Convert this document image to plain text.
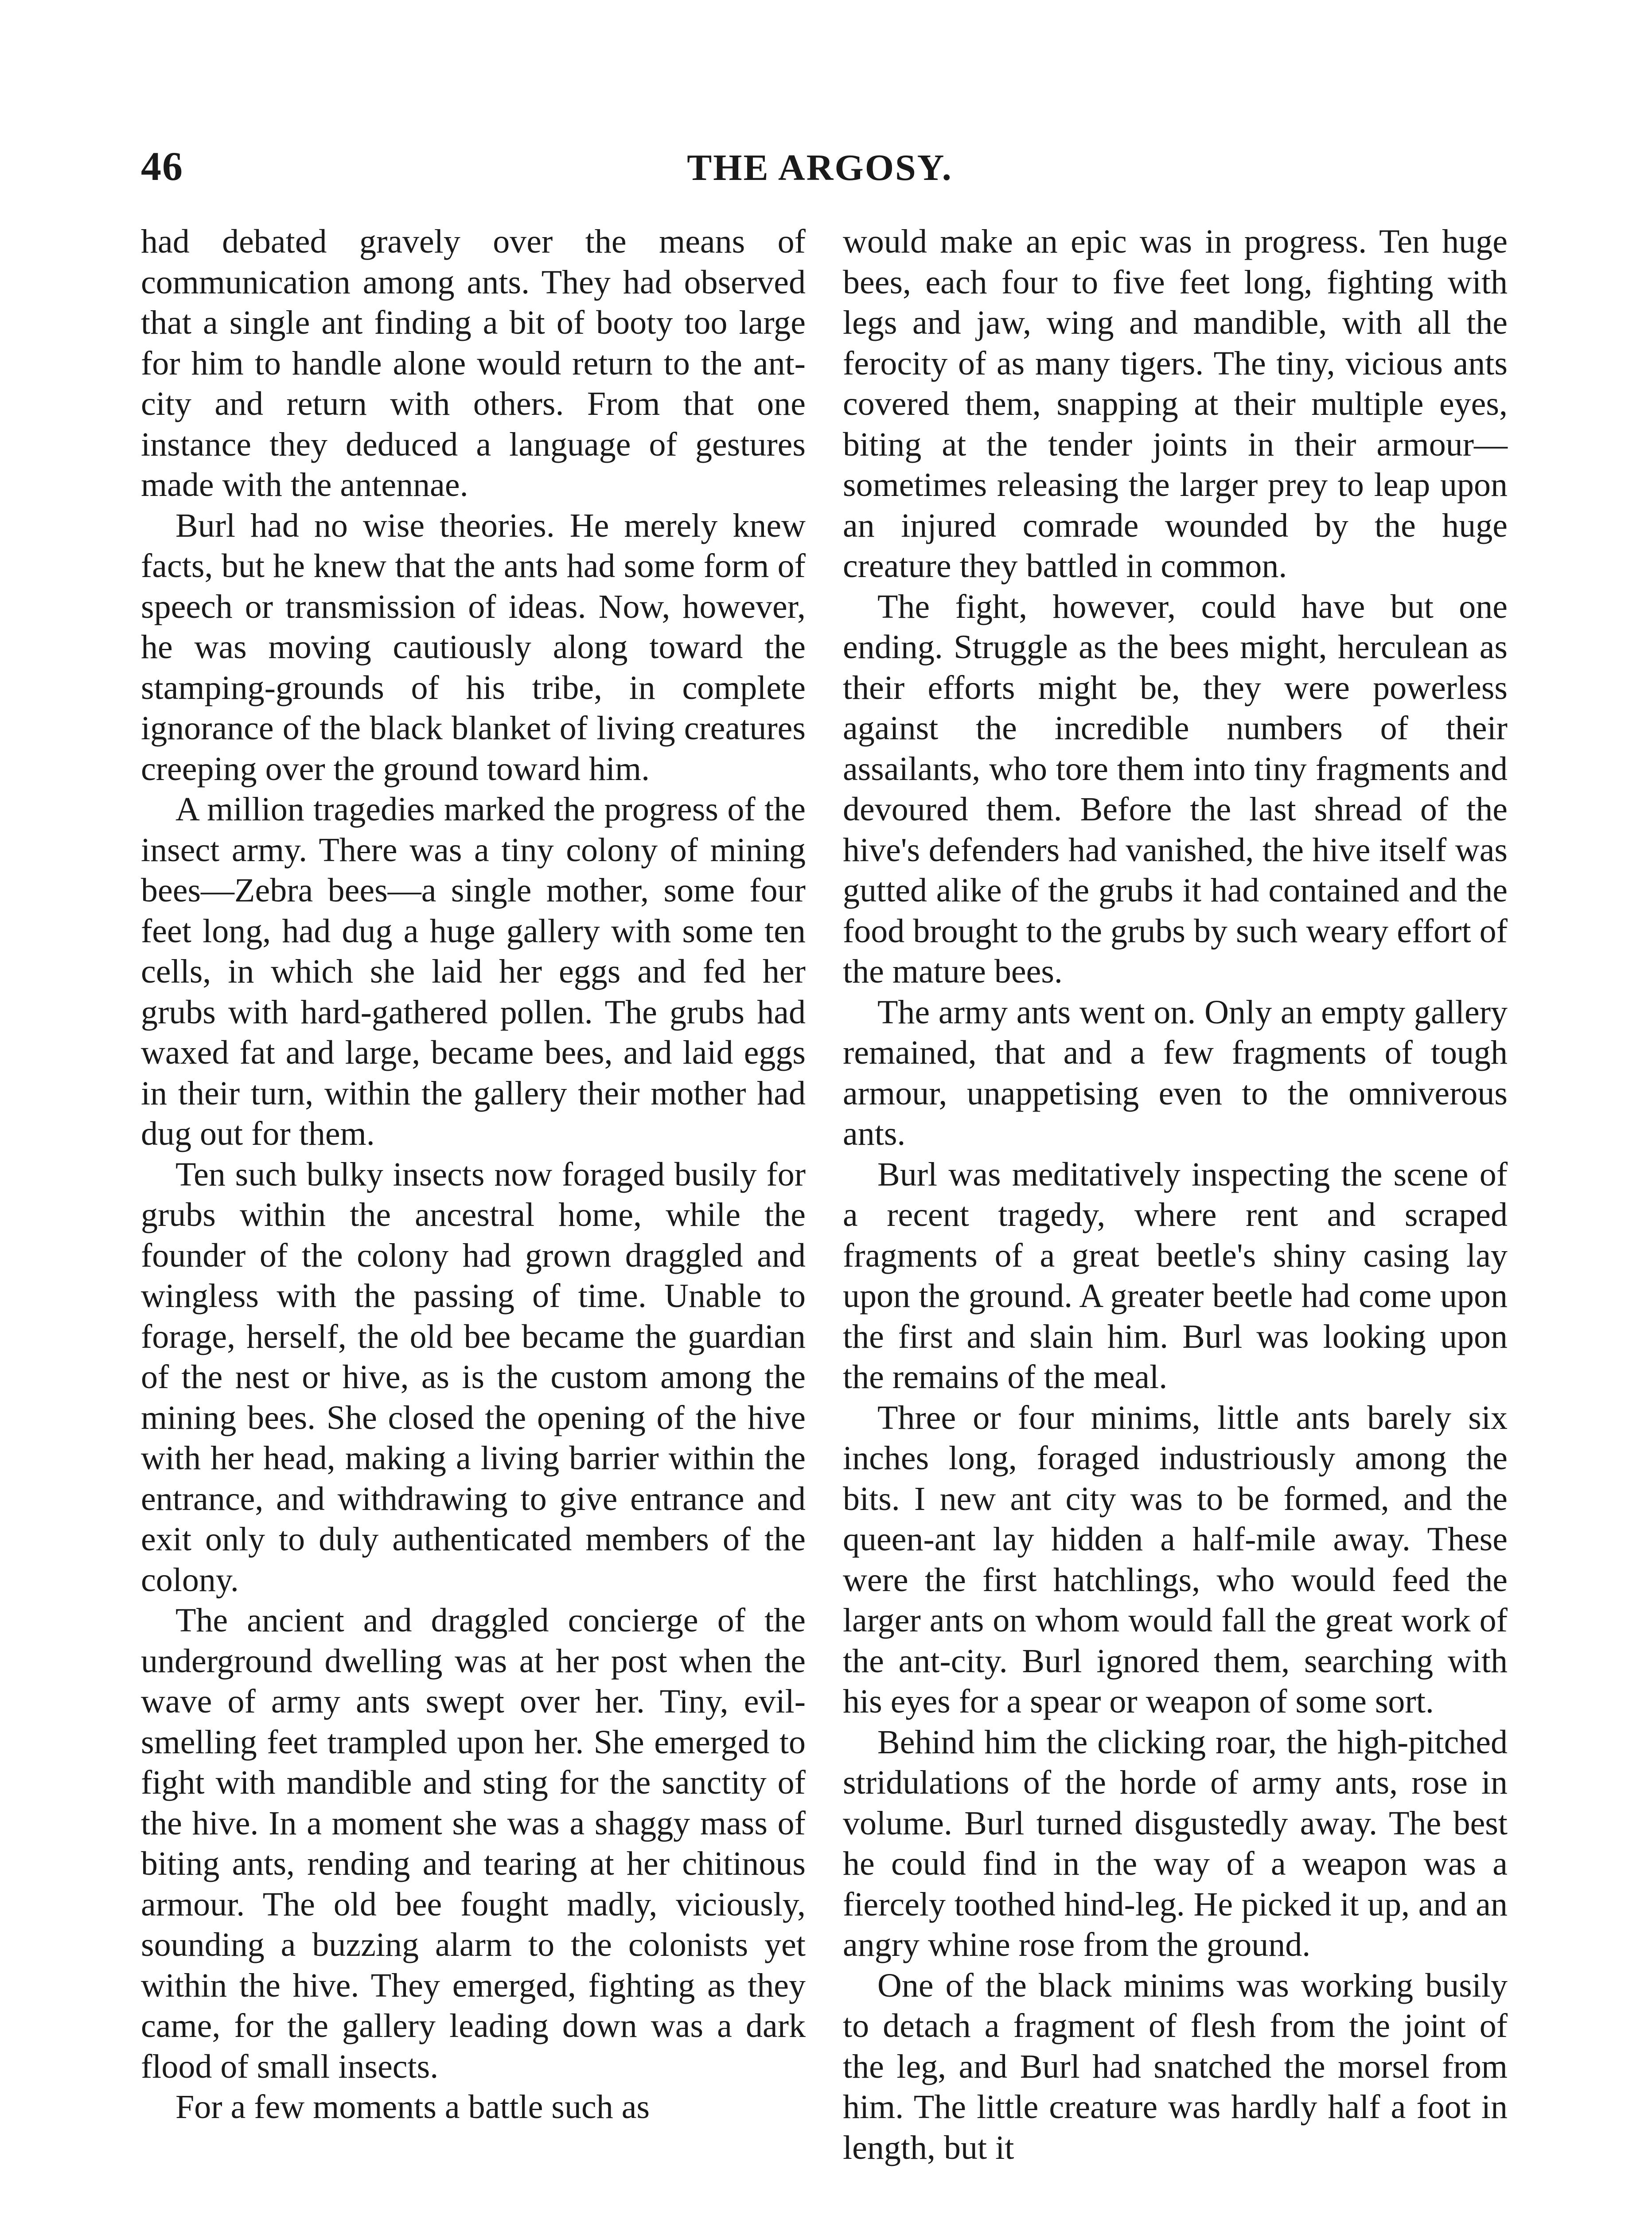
46	THE ARGOSY.

had debated gravely over the means of communication among ants. They had observed that a single ant finding a bit of booty too large for him to handle alone would return to the ant-city and return with others. From that one instance they deduced a language of gestures made with the antennae.

Burl had no wise theories. He merely knew facts, but he knew that the ants had some form of speech or transmission of ideas. Now, however, he was moving cautiously along toward the stamping-grounds of his tribe, in complete ignorance of the black blanket of living creatures creeping over the ground toward him.

A million tragedies marked the progress of the insect army. There was a tiny colony of mining bees—Zebra bees—a single mother, some four feet long, had dug a huge gallery with some ten cells, in which she laid her eggs and fed her grubs with hard-gathered pollen. The grubs had waxed fat and large, became bees, and laid eggs in their turn, within the gallery their mother had dug out for them.

Ten such bulky insects now foraged busily for grubs within the ancestral home, while the founder of the colony had grown draggled and wingless with the passing of time. Unable to forage, herself, the old bee became the guardian of the nest or hive, as is the custom among the mining bees. She closed the opening of the hive with her head, making a living barrier within the entrance, and withdrawing to give entrance and exit only to duly authenticated members of the colony.

The ancient and draggled concierge of the underground dwelling was at her post when the wave of army ants swept over her. Tiny, evil-smelling feet trampled upon her. She emerged to fight with mandible and sting for the sanctity of the hive. In a moment she was a shaggy mass of biting ants, rending and tearing at her chitinous armour. The old bee fought madly, viciously, sounding a buzzing alarm to the colonists yet within the hive. They emerged, fighting as they came, for the gallery leading down was a dark flood of small insects.

For a few moments a battle such as

would make an epic was in progress. Ten huge bees, each four to five feet long, fighting with legs and jaw, wing and mandible, with all the ferocity of as many tigers. The tiny, vicious ants covered them, snapping at their multiple eyes, biting at the tender joints in their armour—sometimes releasing the larger prey to leap upon an injured comrade wounded by the huge creature they battled in common.

The fight, however, could have but one ending. Struggle as the bees might, herculean as their efforts might be, they were powerless against the incredible numbers of their assailants, who tore them into tiny fragments and devoured them. Before the last shread of the hive's defenders had vanished, the hive itself was gutted alike of the grubs it had contained and the food brought to the grubs by such weary effort of the mature bees.

The army ants went on. Only an empty gallery remained, that and a few fragments of tough armour, unappetising even to the omniverous ants.

Burl was meditatively inspecting the scene of a recent tragedy, where rent and scraped fragments of a great beetle's shiny casing lay upon the ground. A greater beetle had come upon the first and slain him. Burl was looking upon the remains of the meal.

Three or four minims, little ants barely six inches long, foraged industriously among the bits. I new ant city was to be formed, and the queen-ant lay hidden a half-mile away. These were the first hatchlings, who would feed the larger ants on whom would fall the great work of the ant-city. Burl ignored them, searching with his eyes for a spear or weapon of some sort.

Behind him the clicking roar, the high-pitched stridulations of the horde of army ants, rose in volume. Burl turned disgustedly away. The best he could find in the way of a weapon was a fiercely toothed hind-leg. He picked it up, and an angry whine rose from the ground.

One of the black minims was working busily to detach a fragment of flesh from the joint of the leg, and Burl had snatched the morsel from him. The little creature was hardly half a foot in length, but it
